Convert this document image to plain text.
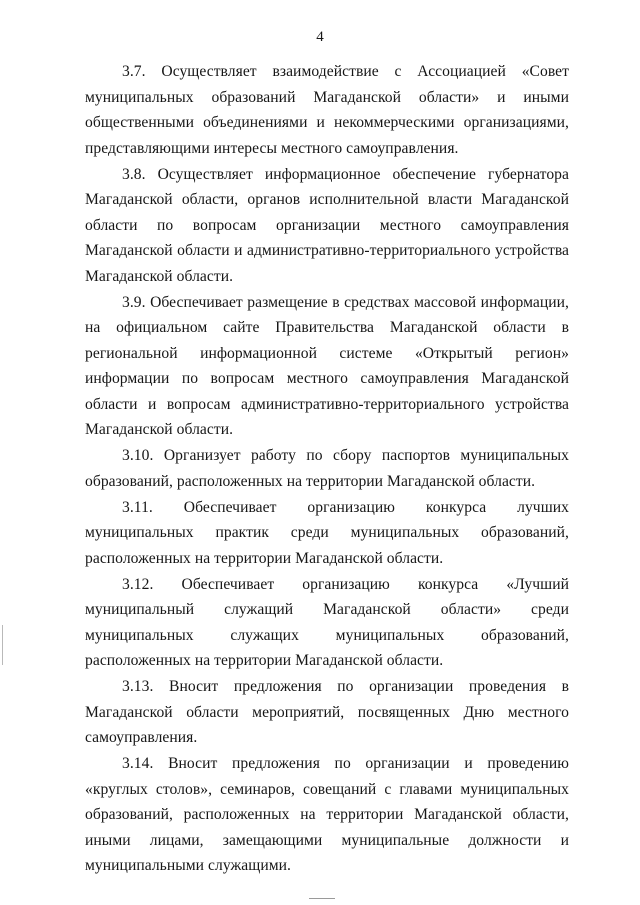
4

3.7. Осуществляет взаимодействие с Ассоциацией «Совет муниципальных образований Магаданской области» и иными общественными объединениями и некоммерческими организациями, представляющими интересы местного самоуправления.

3.8. Осуществляет информационное обеспечение губернатора Магаданской области, органов исполнительной власти Магаданской области по вопросам организации местного самоуправления Магаданской области и административно-территориального устройства Магаданской области.

3.9. Обеспечивает размещение в средствах массовой информации, на официальном сайте Правительства Магаданской области в региональной информационной системе «Открытый регион» информации по вопросам местного самоуправления Магаданской области и вопросам административно-территориального устройства Магаданской области.

3.10. Организует работу по сбору паспортов муниципальных образований, расположенных на территории Магаданской области.

3.11. Обеспечивает организацию конкурса лучших муниципальных практик среди муниципальных образований, расположенных на территории Магаданской области.

3.12. Обеспечивает организацию конкурса «Лучший муниципальный служащий Магаданской области» среди муниципальных служащих муниципальных образований, расположенных на территории Магаданской области.

3.13. Вносит предложения по организации проведения в Магаданской области мероприятий, посвященных Дню местного самоуправления.

3.14. Вносит предложения по организации и проведению «круглых столов», семинаров, совещаний с главами муниципальных образований, расположенных на территории Магаданской области, иными лицами, замещающими муниципальные должности и муниципальными служащими.
